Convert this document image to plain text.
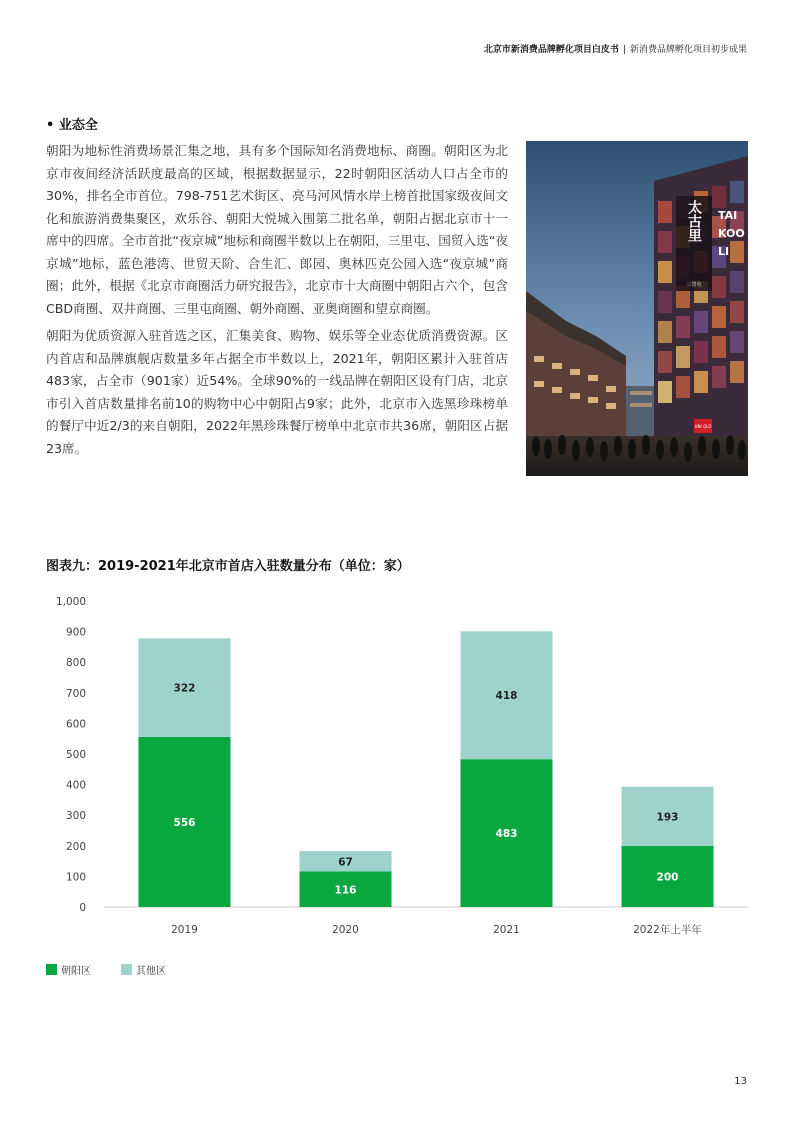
北京市新消费品牌孵化项目白皮书 | 新消费品牌孵化项目初步成果
• 业态全

朝阳为地标性消费场景汇集之地，具有多个国际知名消费地标、商圈。朝阳区为北京市夜间经济活跃度最高的区域，根据数据显示，22时朝阳区活动人口占全市的30%，排名全市首位。798-751艺术街区、亮马河风情水岸上榜首批国家级夜间文化和旅游消费集聚区，欢乐谷、朝阳大悦城入围第二批名单，朝阳占据北京市十一席中的四席。全市首批“夜京城”地标和商圈半数以上在朝阳，三里屯、国贸入选“夜京城”地标，蓝色港湾、世贸天阶、合生汇、郎园、奥林匹克公园入选“夜京城”商圈；此外，根据《北京市商圈活力研究报告》，北京市十大商圈中朝阳占六个，包含CBD商圈、双井商圈、三里屯商圈、朝外商圈、亚奥商圈和望京商圈。

朝阳为优质资源入驻首选之区，汇集美食、购物、娱乐等全业态优质消费资源。区内首店和品牌旗舰店数量多年占据全市半数以上，2021年，朝阳区累计入驻首店483家，占全市（901家）近54%。全球90%的一线品牌在朝阳区设有门店，北京市引入首店数量排名前10的购物中心中朝阳占9家；此外，北京市入选黑珍珠榜单的餐厅中近2/3的来自朝阳，2022年黑珍珠餐厅榜单中北京市共36席，朝阳区占据23席。

太古里 TAI
KOO
LI
三里屯
UNI QLO
图表九：2019-2021年北京市首店入驻数量分布（单位：家）
0
100
200
300
400
500
600
700
800
900
1,000
556
322
2019
116
67
2020
483
418
2021
200
193
2022年上半年
朝阳区	其他区
13
